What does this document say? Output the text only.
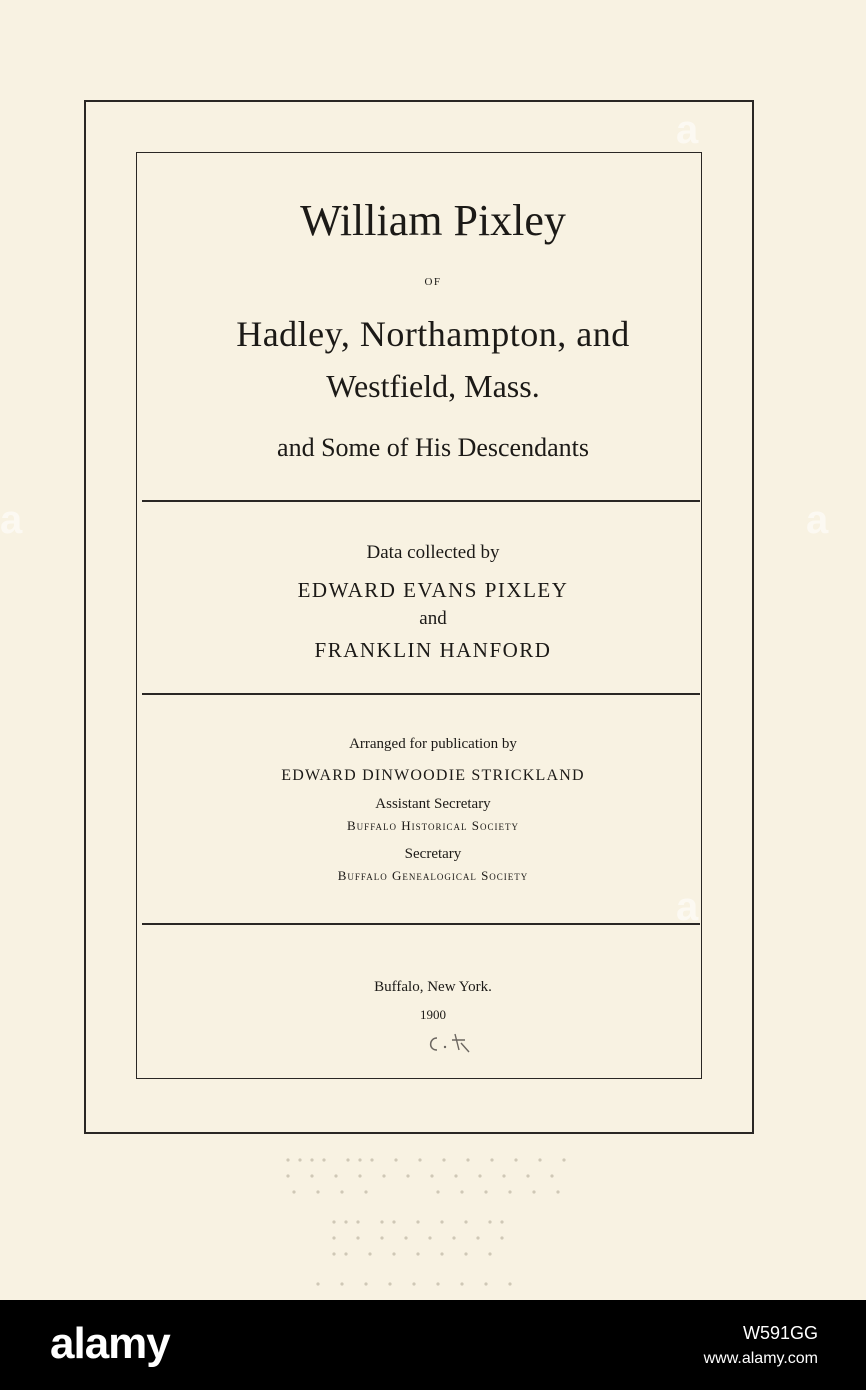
William Pixley

OF

Hadley, Northampton, and

Westfield, Mass.

and Some of His Descendants

Data collected by

EDWARD EVANS PIXLEY

and

FRANKLIN HANFORD

Arranged for publication by

EDWARD DINWOODIE STRICKLAND

Assistant Secretary

Buffalo Historical Society

Secretary

Buffalo Genealogical Society

Buffalo, New York.

1900

a
a	a
a
alamy	W591GG
www.alamy.com
